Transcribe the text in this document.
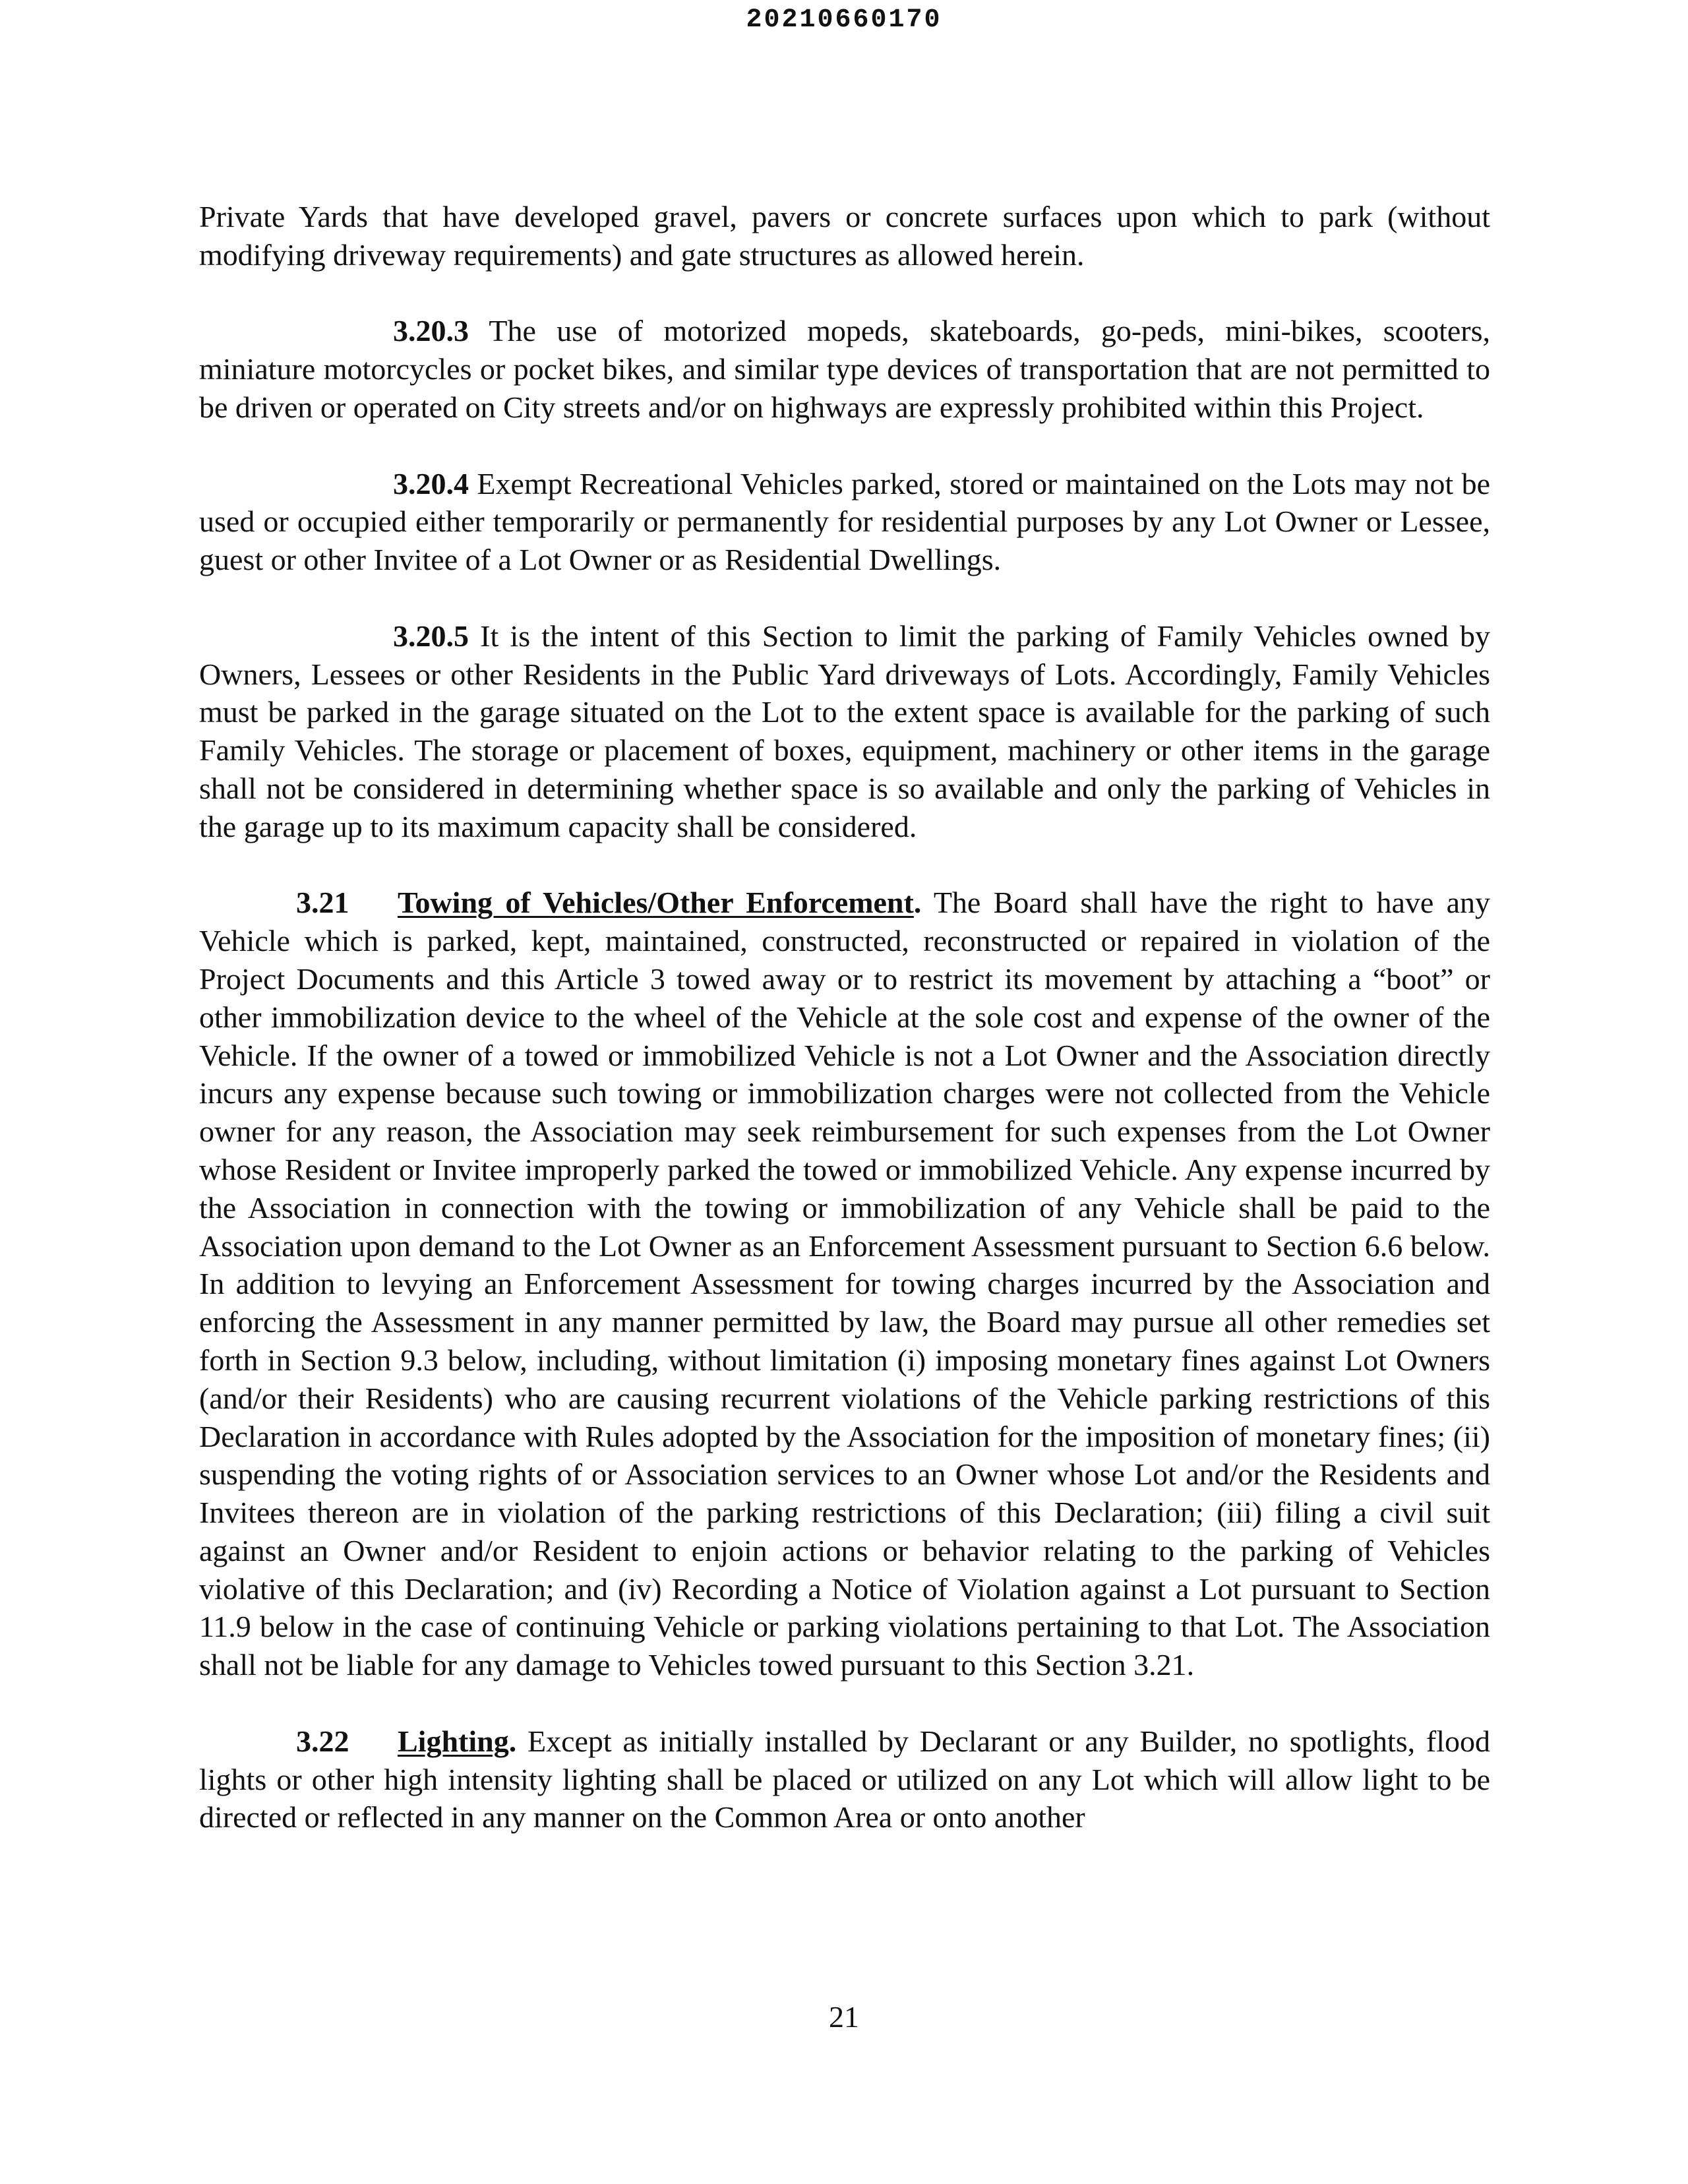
20210660170

Private Yards that have developed gravel, pavers or concrete surfaces upon which to park (without modifying driveway requirements) and gate structures as allowed herein.

3.20.3 The use of motorized mopeds, skateboards, go-peds, mini-bikes, scooters, miniature motorcycles or pocket bikes, and similar type devices of transportation that are not permitted to be driven or operated on City streets and/or on highways are expressly prohibited within this Project.

3.20.4 Exempt Recreational Vehicles parked, stored or maintained on the Lots may not be used or occupied either temporarily or permanently for residential purposes by any Lot Owner or Lessee, guest or other Invitee of a Lot Owner or as Residential Dwellings.

3.20.5 It is the intent of this Section to limit the parking of Family Vehicles owned by Owners, Lessees or other Residents in the Public Yard driveways of Lots. Accordingly, Family Vehicles must be parked in the garage situated on the Lot to the extent space is available for the parking of such Family Vehicles. The storage or placement of boxes, equipment, machinery or other items in the garage shall not be considered in determining whether space is so available and only the parking of Vehicles in the garage up to its maximum capacity shall be considered.

3.21 Towing of Vehicles/Other Enforcement. The Board shall have the right to have any Vehicle which is parked, kept, maintained, constructed, reconstructed or repaired in violation of the Project Documents and this Article 3 towed away or to restrict its movement by attaching a “boot” or other immobilization device to the wheel of the Vehicle at the sole cost and expense of the owner of the Vehicle. If the owner of a towed or immobilized Vehicle is not a Lot Owner and the Association directly incurs any expense because such towing or immobilization charges were not collected from the Vehicle owner for any reason, the Association may seek reimbursement for such expenses from the Lot Owner whose Resident or Invitee improperly parked the towed or immobilized Vehicle. Any expense incurred by the Association in connection with the towing or immobilization of any Vehicle shall be paid to the Association upon demand to the Lot Owner as an Enforcement Assessment pursuant to Section 6.6 below. In addition to levying an Enforcement Assessment for towing charges incurred by the Association and enforcing the Assessment in any manner permitted by law, the Board may pursue all other remedies set forth in Section 9.3 below, including, without limitation (i) imposing monetary fines against Lot Owners (and/or their Residents) who are causing recurrent violations of the Vehicle parking restrictions of this Declaration in accordance with Rules adopted by the Association for the imposition of monetary fines; (ii) suspending the voting rights of or Association services to an Owner whose Lot and/or the Residents and Invitees thereon are in violation of the parking restrictions of this Declaration; (iii) filing a civil suit against an Owner and/or Resident to enjoin actions or behavior relating to the parking of Vehicles violative of this Declaration; and (iv) Recording a Notice of Violation against a Lot pursuant to Section 11.9 below in the case of continuing Vehicle or parking violations pertaining to that Lot. The Association shall not be liable for any damage to Vehicles towed pursuant to this Section 3.21.

3.22 Lighting. Except as initially installed by Declarant or any Builder, no spotlights, flood lights or other high intensity lighting shall be placed or utilized on any Lot which will allow light to be directed or reflected in any manner on the Common Area or onto another

21
